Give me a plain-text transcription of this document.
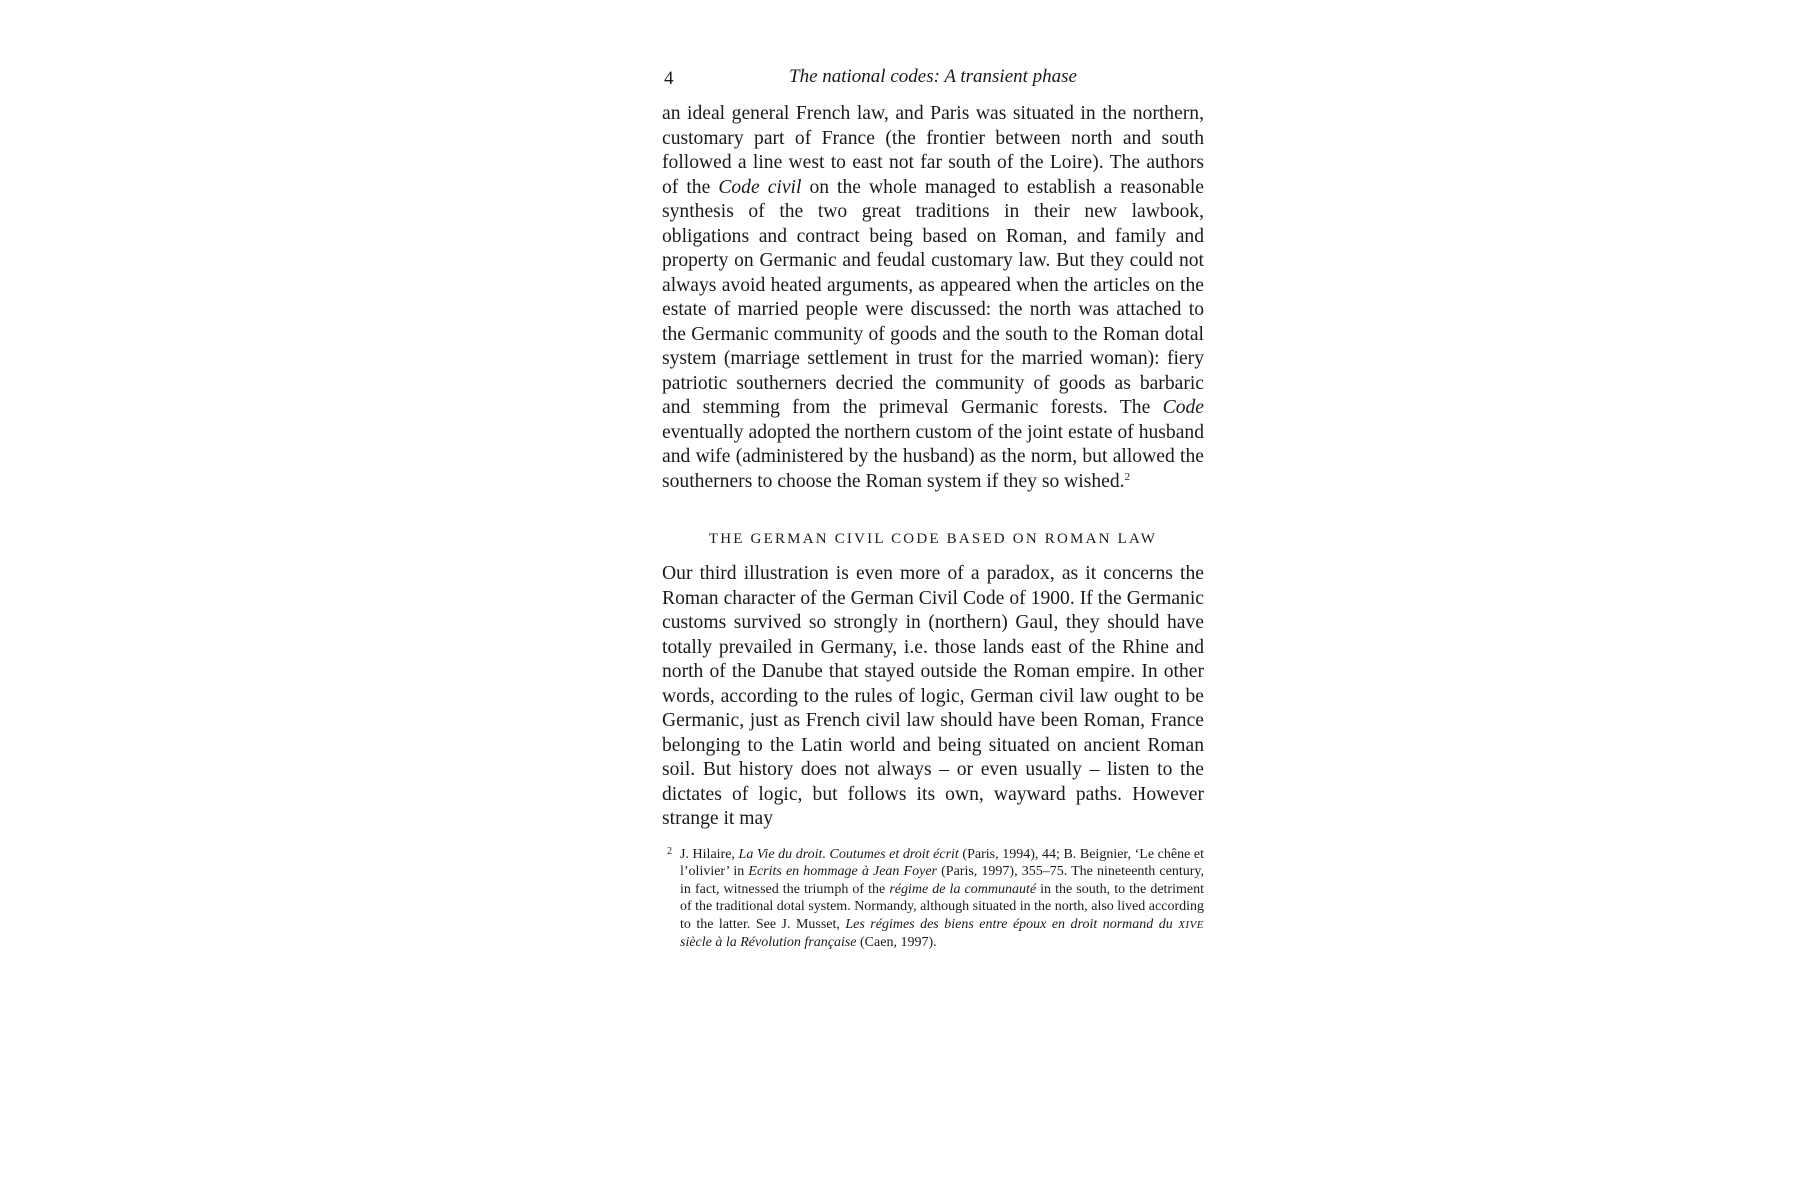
4	The national codes: A transient phase

an ideal general French law, and Paris was situated in the northern, customary part of France (the frontier between north and south followed a line west to east not far south of the Loire). The authors of the Code civil on the whole managed to establish a reasonable synthesis of the two great traditions in their new lawbook, obligations and contract being based on Roman, and family and property on Germanic and feudal customary law. But they could not always avoid heated arguments, as appeared when the articles on the estate of married people were discussed: the north was attached to the Germanic community of goods and the south to the Roman dotal system (marriage settlement in trust for the married woman): fiery patriotic southerners decried the community of goods as barbaric and stemming from the primeval Germanic forests. The Code eventually adopted the northern custom of the joint estate of husband and wife (administered by the husband) as the norm, but allowed the southerners to choose the Roman system if they so wished.$^2$

THE GERMAN CIVIL CODE BASED ON ROMAN LAW

Our third illustration is even more of a paradox, as it concerns the Roman character of the German Civil Code of 1900. If the Germanic customs survived so strongly in (northern) Gaul, they should have totally prevailed in Germany, i.e. those lands east of the Rhine and north of the Danube that stayed outside the Roman empire. In other words, according to the rules of logic, German civil law ought to be Germanic, just as French civil law should have been Roman, France belonging to the Latin world and being situated on ancient Roman soil. But history does not always – or even usually – listen to the dictates of logic, but follows its own, wayward paths. However strange it may

2 J. Hilaire, La Vie du droit. Coutumes et droit écrit (Paris, 1994), 44; B. Beignier, ‘Le chêne et l’olivier’ in Ecrits en hommage à Jean Foyer (Paris, 1997), 355–75. The nineteenth century, in fact, witnessed the triumph of the régime de la communauté in the south, to the detriment of the traditional dotal system. Normandy, although situated in the north, also lived according to the latter. See J. Musset, Les régimes des biens entre époux en droit normand du XIVE siècle à la Révolution française (Caen, 1997).
